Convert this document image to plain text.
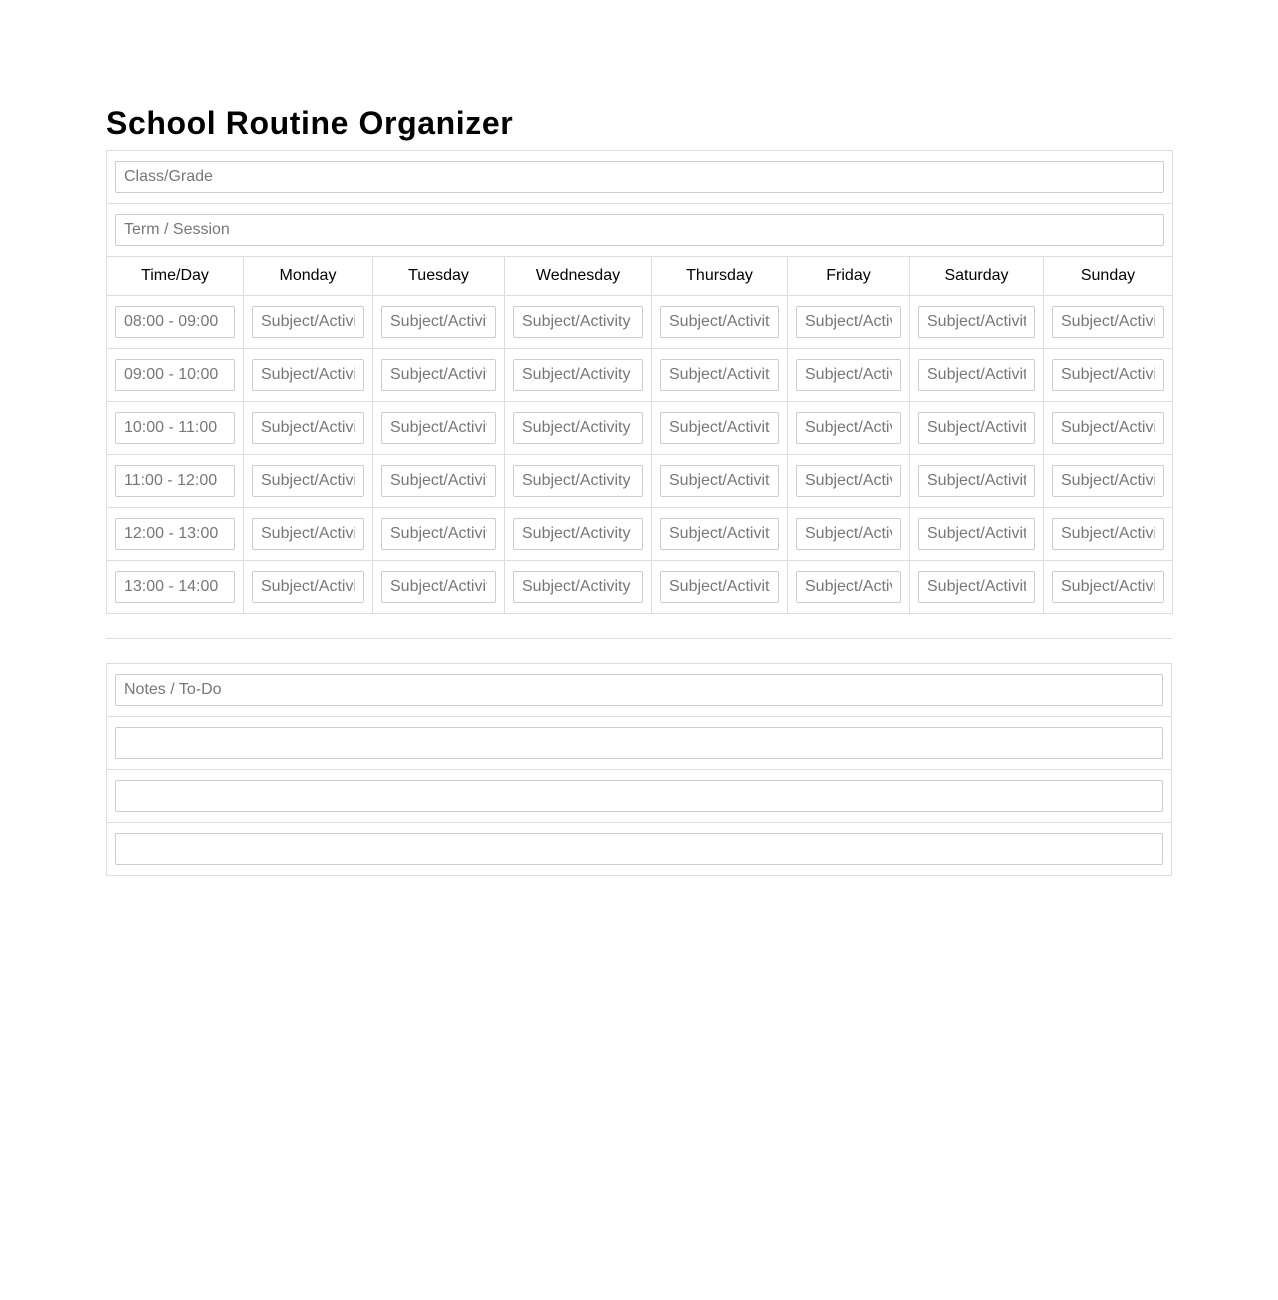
School Routine Organizer
Class/Grade
Term / Session
Time/Day	Monday	Tuesday	Wednesday	Thursday	Friday	Saturday	Sunday
08:00 - 09:00	Subject/Activity	Subject/Activity	Subject/Activity	Subject/Activity	Subject/Activity	Subject/Activity	Subject/Activity
09:00 - 10:00	Subject/Activity	Subject/Activity	Subject/Activity	Subject/Activity	Subject/Activity	Subject/Activity	Subject/Activity
10:00 - 11:00	Subject/Activity	Subject/Activity	Subject/Activity	Subject/Activity	Subject/Activity	Subject/Activity	Subject/Activity
11:00 - 12:00	Subject/Activity	Subject/Activity	Subject/Activity	Subject/Activity	Subject/Activity	Subject/Activity	Subject/Activity
12:00 - 13:00	Subject/Activity	Subject/Activity	Subject/Activity	Subject/Activity	Subject/Activity	Subject/Activity	Subject/Activity
13:00 - 14:00	Subject/Activity	Subject/Activity	Subject/Activity	Subject/Activity	Subject/Activity	Subject/Activity	Subject/Activity
Notes / To-Do
